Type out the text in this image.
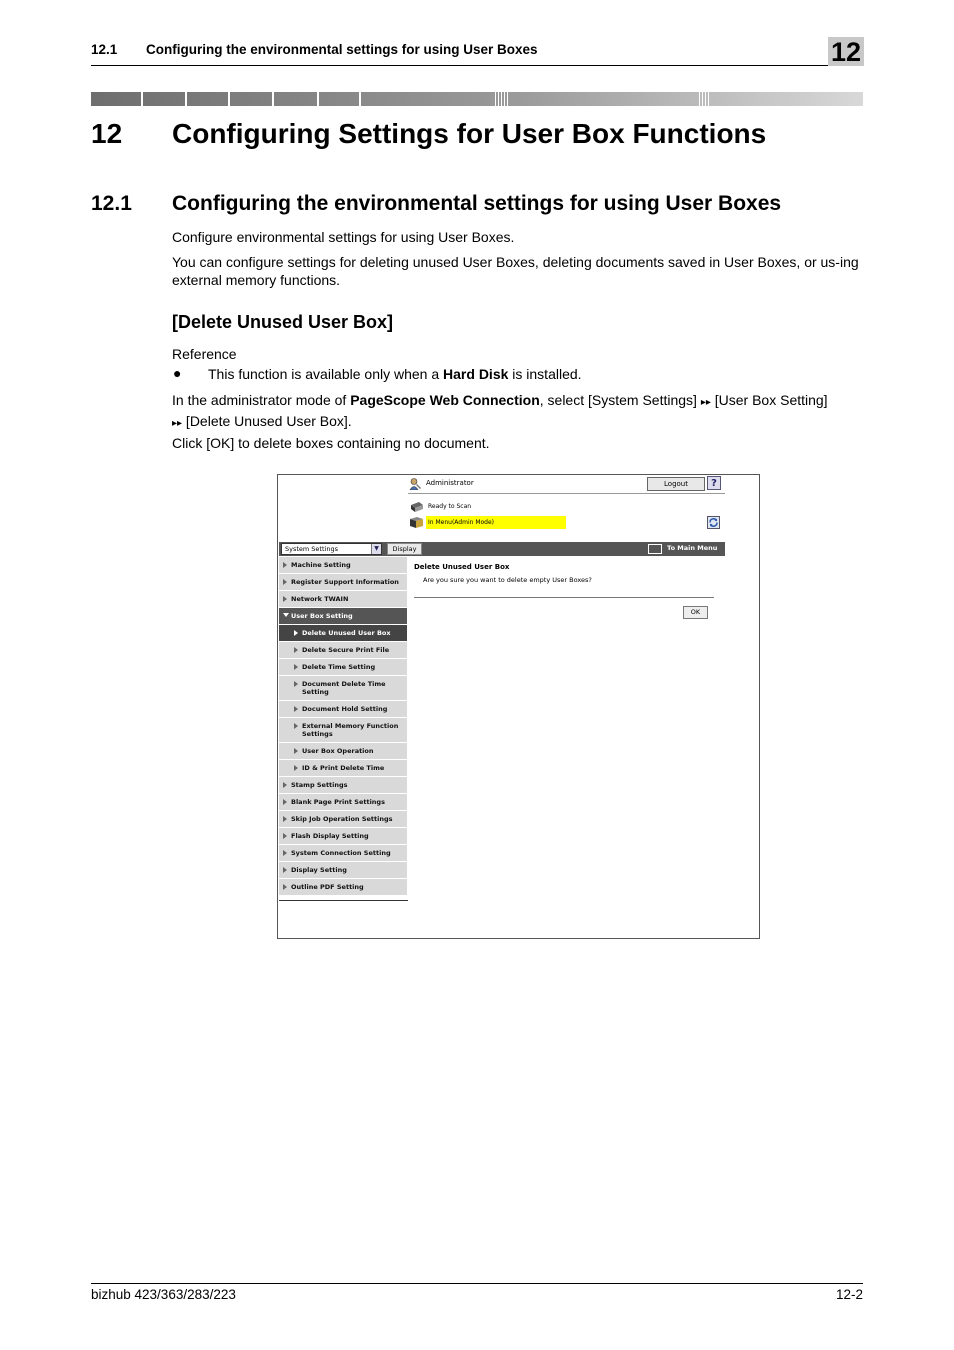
12.1 Configuring the environmental settings for using User Boxes	12
12 Configuring Settings for User Box Functions
12.1 Configuring the environmental settings for using User Boxes
Configure environmental settings for using User Boxes.
You can configure settings for deleting unused User Boxes, deleting documents saved in User Boxes, or us-ing external memory functions.
[Delete Unused User Box]
Reference
● This function is available only when a Hard Disk is installed.
In the administrator mode of PageScope Web Connection, select [System Settings] ▸▸ [User Box Setting]
▸▸ [Delete Unused User Box].
Click [OK] to delete boxes containing no document.
Administrator	Logout	?
Ready to Scan
In Menu(Admin Mode)
System Settings	▼	Display	To Main Menu
Machine Setting
Register Support Information
Network TWAIN
User Box Setting
Delete Unused User Box
Delete Secure Print File
Delete Time Setting
Document Delete Time Setting
Document Hold Setting
External Memory Function Settings
User Box Operation
ID & Print Delete Time
Stamp Settings
Blank Page Print Settings
Skip Job Operation Settings
Flash Display Setting
System Connection Setting
Display Setting
Outline PDF Setting
Delete Unused User Box
Are you sure you want to delete empty User Boxes?
OK
bizhub 423/363/283/223	12-2
